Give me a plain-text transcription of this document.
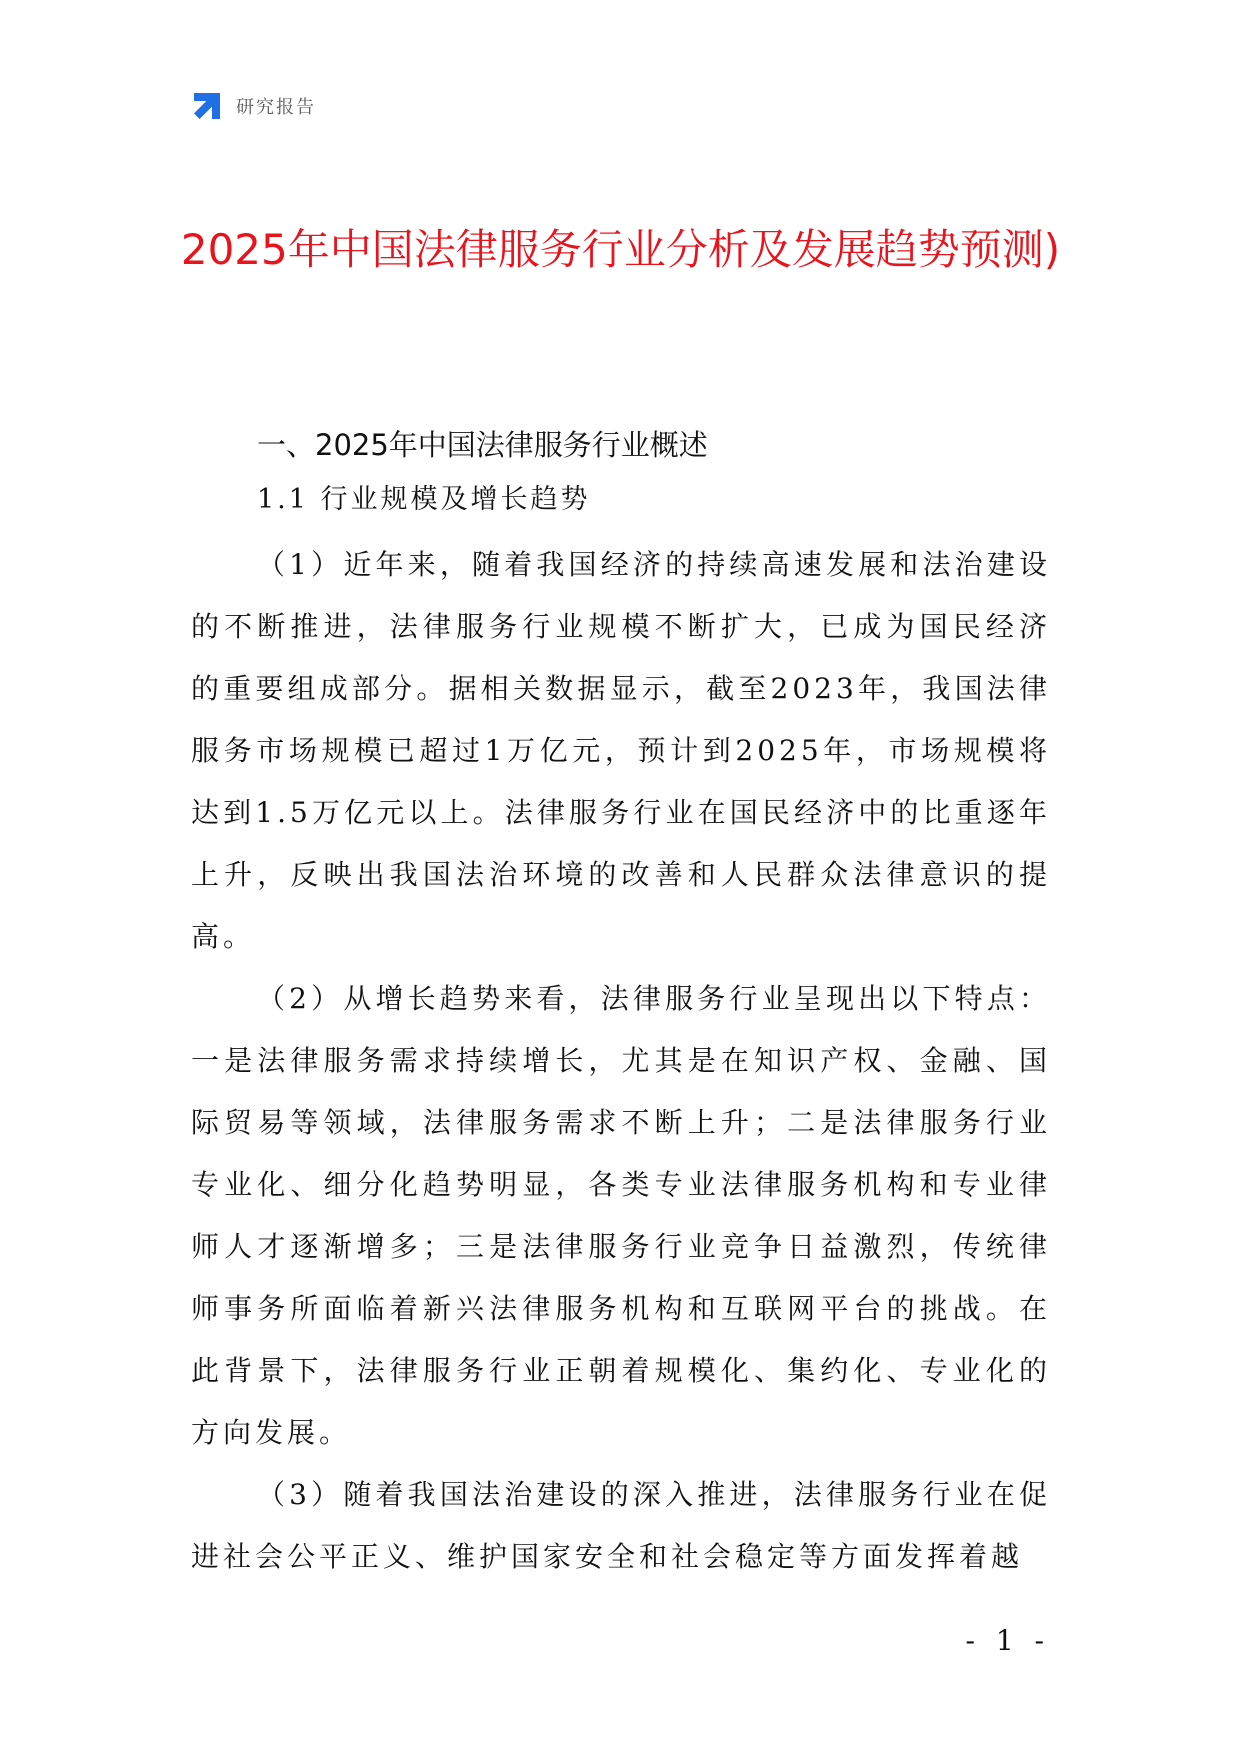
研究报告
2025年中国法律服务行业分析及发展趋势预测)
一、2025年中国法律服务行业概述
1.1 行业规模及增长趋势

（1）近年来，随着我国经济的持续高速发展和法治建设的不断推进，法律服务行业规模不断扩大，已成为国民经济的重要组成部分。据相关数据显示，截至2023年，我国法律服务市场规模已超过1万亿元，预计到2025年，市场规模将达到1.5万亿元以上。法律服务行业在国民经济中的比重逐年上升，反映出我国法治环境的改善和人民群众法律意识的提高。

（2）从增长趋势来看，法律服务行业呈现出以下特点：一是法律服务需求持续增长，尤其是在知识产权、金融、国际贸易等领域，法律服务需求不断上升；二是法律服务行业专业化、细分化趋势明显，各类专业法律服务机构和专业律师人才逐渐增多；三是法律服务行业竞争日益激烈，传统律师事务所面临着新兴法律服务机构和互联网平台的挑战。在此背景下，法律服务行业正朝着规模化、集约化、专业化的方向发展。

（3）随着我国法治建设的深入推进，法律服务行业在促进社会公平正义、维护国家安全和社会稳定等方面发挥着越

- 1 -
